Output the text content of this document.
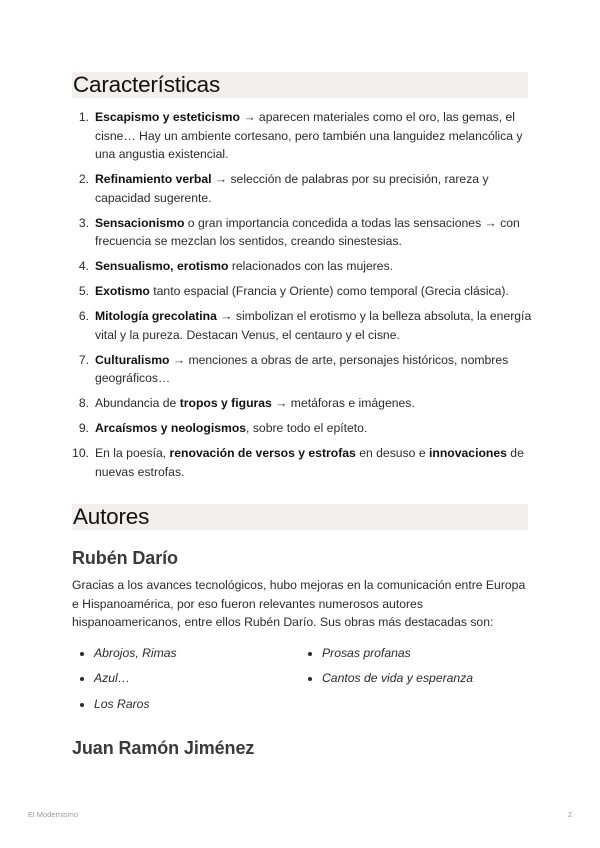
Características
1. Escapismo y esteticismo → aparecen materiales como el oro, las gemas, el cisne… Hay un ambiente cortesano, pero también una languidez melancólica y una angustia existencial.
2. Refinamiento verbal → selección de palabras por su precisión, rareza y capacidad sugerente.
3. Sensacionismo o gran importancia concedida a todas las sensaciones → con frecuencia se mezclan los sentidos, creando sinestesias.
4. Sensualismo, erotismo relacionados con las mujeres.
5. Exotismo tanto espacial (Francia y Oriente) como temporal (Grecia clásica).
6. Mitología grecolatina → simbolizan el erotismo y la belleza absoluta, la energía vital y la pureza. Destacan Venus, el centauro y el cisne.
7. Culturalismo → menciones a obras de arte, personajes históricos, nombres geográficos…
8. Abundancia de tropos y figuras → metáforas e imágenes.
9. Arcaísmos y neologismos, sobre todo el epíteto.
10. En la poesía, renovación de versos y estrofas en desuso e innovaciones de nuevas estrofas.
Autores
Rubén Darío

Gracias a los avances tecnológicos, hubo mejoras en la comunicación entre Europa e Hispanoamérica, por eso fueron relevantes numerosos autores hispanoamericanos, entre ellos Rubén Darío. Sus obras más destacadas son:

Abrojos, Rimas
Azul…
Los Raros
Prosas profanas
Cantos de vida y esperanza
Juan Ramón Jiménez
El Modernismo	2
